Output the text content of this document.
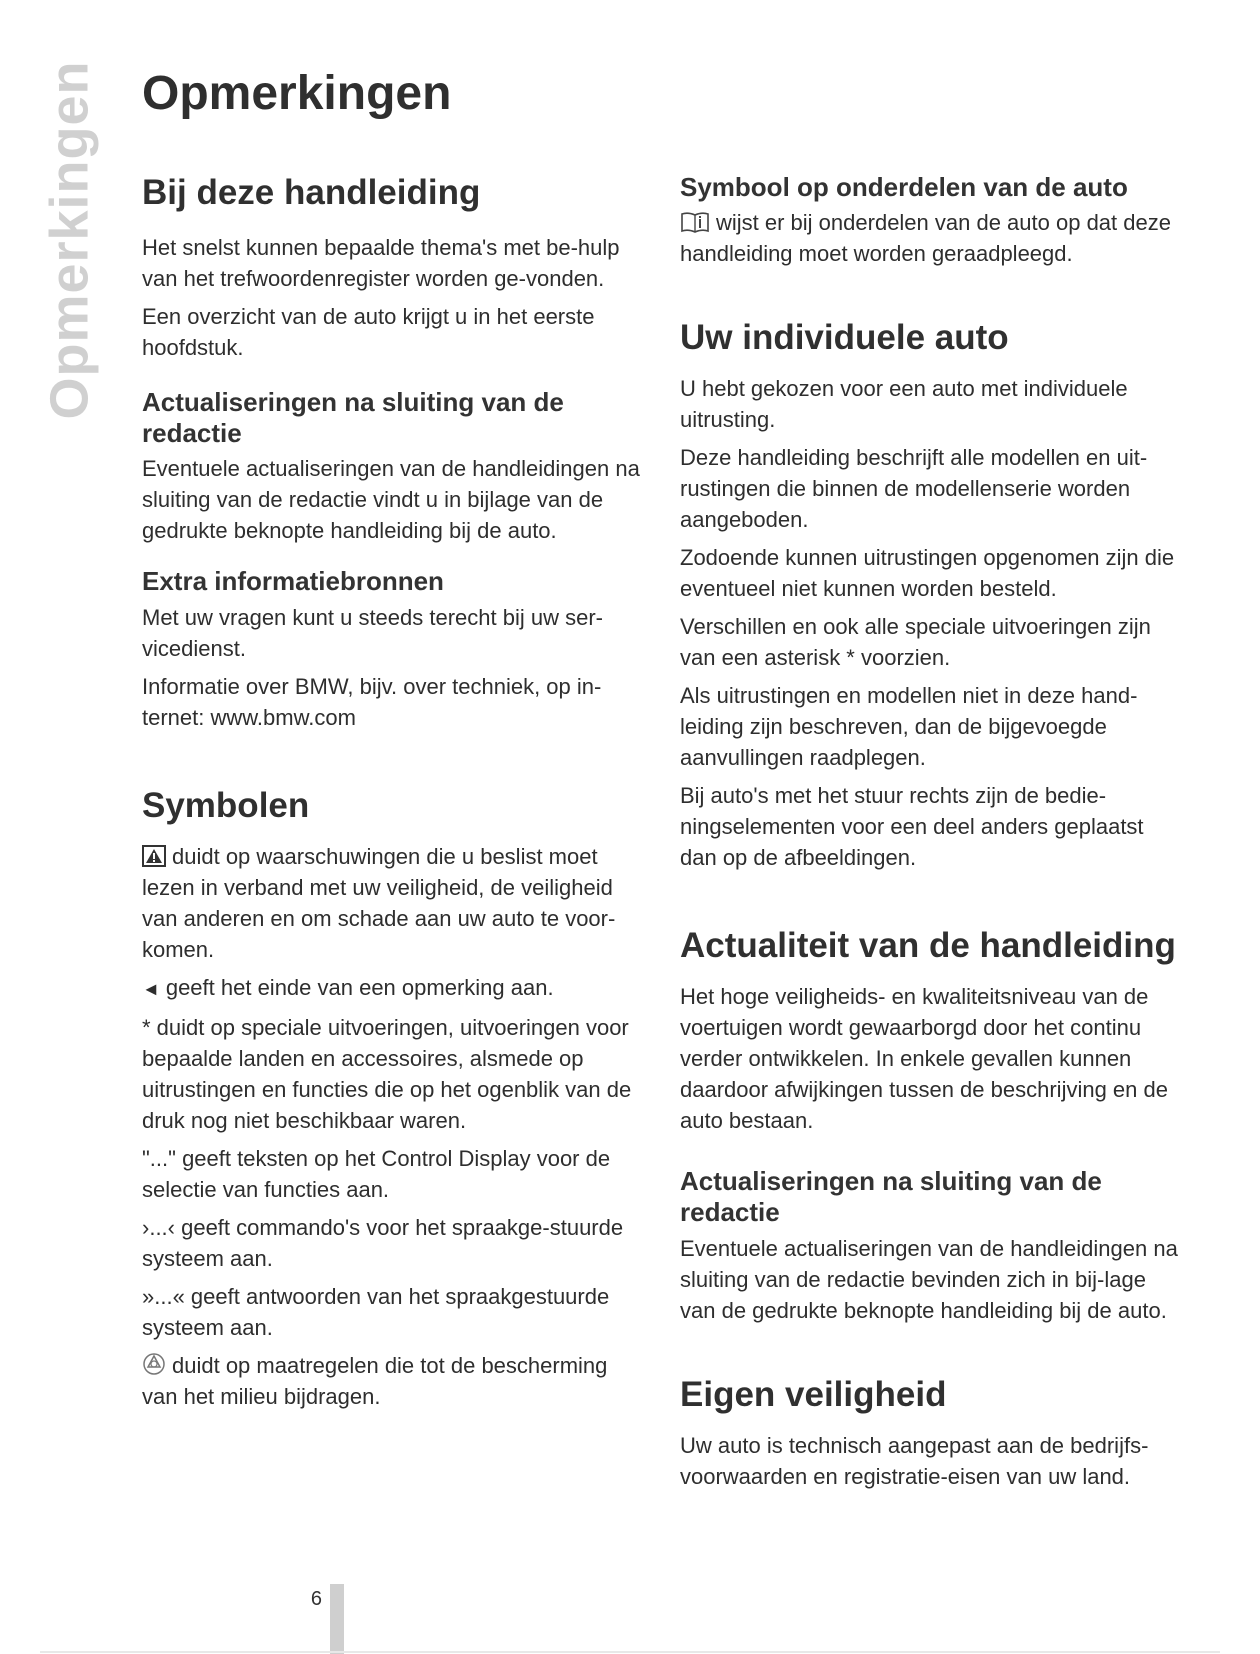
Opmerkingen Opmerkingen
Bij deze handleiding

Het snelst kunnen bepaalde thema's met be-hulp van het trefwoordenregister worden ge-vonden.

Een overzicht van de auto krijgt u in het eerste hoofdstuk.

Actualiseringen na sluiting van de redactie

Eventuele actualiseringen van de handleidingen na sluiting van de redactie vindt u in bijlage van de gedrukte beknopte handleiding bij de auto.

Extra informatiebronnen

Met uw vragen kunt u steeds terecht bij uw ser-vicedienst.

Informatie over BMW, bijv. over techniek, op in-ternet: www.bmw.com

Symbolen

duidt op waarschuwingen die u beslist moet lezen in verband met uw veiligheid, de veiligheid van anderen en om schade aan uw auto te voor-komen.

◄ geeft het einde van een opmerking aan.

* duidt op speciale uitvoeringen, uitvoeringen voor bepaalde landen en accessoires, alsmede op uitrustingen en functies die op het ogenblik van de druk nog niet beschikbaar waren.

"..." geeft teksten op het Control Display voor de selectie van functies aan.

›...‹ geeft commando's voor het spraakge-stuurde systeem aan.

»...« geeft antwoorden van het spraakgestuurde systeem aan.

duidt op maatregelen die tot de bescherming van het milieu bijdragen.

Symbool op onderdelen van de auto

wijst er bij onderdelen van de auto op dat deze handleiding moet worden geraadpleegd.

Uw individuele auto

U hebt gekozen voor een auto met individuele uitrusting.

Deze handleiding beschrijft alle modellen en uit-rustingen die binnen de modellenserie worden aangeboden.

Zodoende kunnen uitrustingen opgenomen zijn die eventueel niet kunnen worden besteld.

Verschillen en ook alle speciale uitvoeringen zijn van een asterisk * voorzien.

Als uitrustingen en modellen niet in deze hand-leiding zijn beschreven, dan de bijgevoegde aanvullingen raadplegen.

Bij auto's met het stuur rechts zijn de bedie-ningselementen voor een deel anders geplaatst dan op de afbeeldingen.

Actualiteit van de handleiding

Het hoge veiligheids- en kwaliteitsniveau van de voertuigen wordt gewaarborgd door het continu verder ontwikkelen. In enkele gevallen kunnen daardoor afwijkingen tussen de beschrijving en de auto bestaan.

Actualiseringen na sluiting van de redactie

Eventuele actualiseringen van de handleidingen na sluiting van de redactie bevinden zich in bij-lage van de gedrukte beknopte handleiding bij de auto.

Eigen veiligheid

Uw auto is technisch aangepast aan de bedrijfs-voorwaarden en registratie-eisen van uw land.

6
